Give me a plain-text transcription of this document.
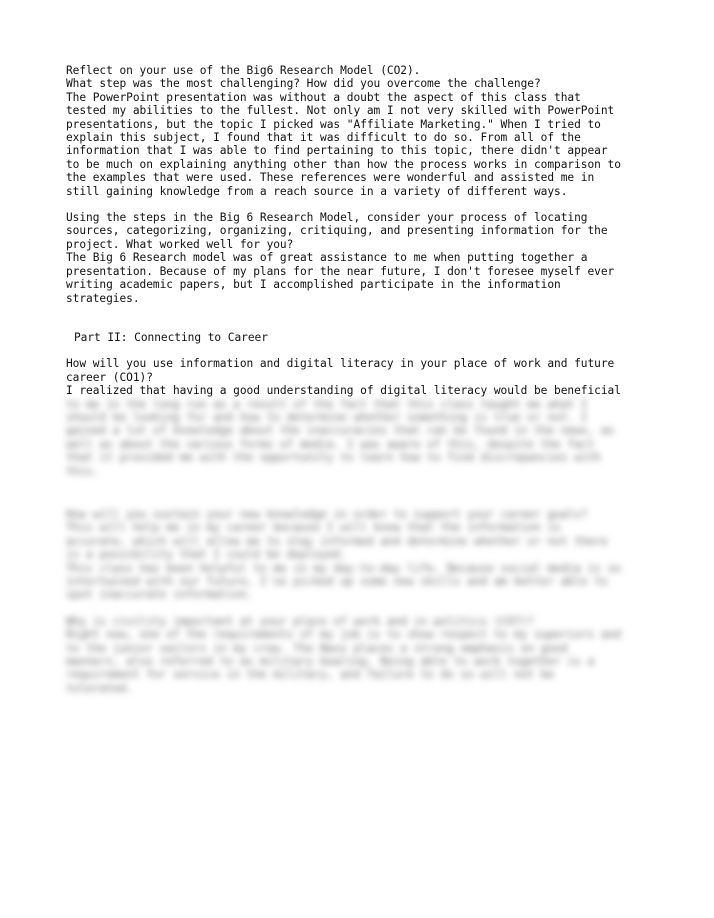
Reflect on your use of the Big6 Research Model (CO2).
What step was the most challenging? How did you overcome the challenge?
The PowerPoint presentation was without a doubt the aspect of this class that
tested my abilities to the fullest. Not only am I not very skilled with PowerPoint
presentations, but the topic I picked was "Affiliate Marketing." When I tried to
explain this subject, I found that it was difficult to do so. From all of the
information that I was able to find pertaining to this topic, there didn't appear
to be much on explaining anything other than how the process works in comparison to
the examples that were used. These references were wonderful and assisted me in
still gaining knowledge from a reach source in a variety of different ways.
Using the steps in the Big 6 Research Model, consider your process of locating
sources, categorizing, organizing, critiquing, and presenting information for the
project. What worked well for you?
The Big 6 Research model was of great assistance to me when putting together a
presentation. Because of my plans for the near future, I don't foresee myself ever
writing academic papers, but I accomplished participate in the information
strategies.
Part II: Connecting to Career
How will you use information and digital literacy in your place of work and future
career (CO1)?
I realized that having a good understanding of digital literacy would be beneficial
to me in the long run as a result of the fact that this class taught me what I
should be looking for and how to determine whether something is true or not. I
gained a lot of knowledge about the inaccuracies that can be found in the news, as
well as about the various forms of media. I was aware of this, despite the fact
that it provided me with the opportunity to learn how to find discrepancies with
this.
How will you sustain your new knowledge in order to support your career goals?
This will help me in my career because I will know that the information is
accurate, which will allow me to stay informed and determine whether or not there
is a possibility that I could be deployed.
This class has been helpful to me in my day-to-day life. Because social media is so
intertwined with our future, I've picked up some new skills and am better able to
spot inaccurate information.
Why is civility important at your place of work and in politics (CO7)?
Right now, one of the requirements of my job is to show respect to my superiors and
to the junior sailors in my crew. The Navy places a strong emphasis on good
manners, also referred to as military bearing. Being able to work together is a
requirement for service in the military, and failure to do so will not be
tolerated.
